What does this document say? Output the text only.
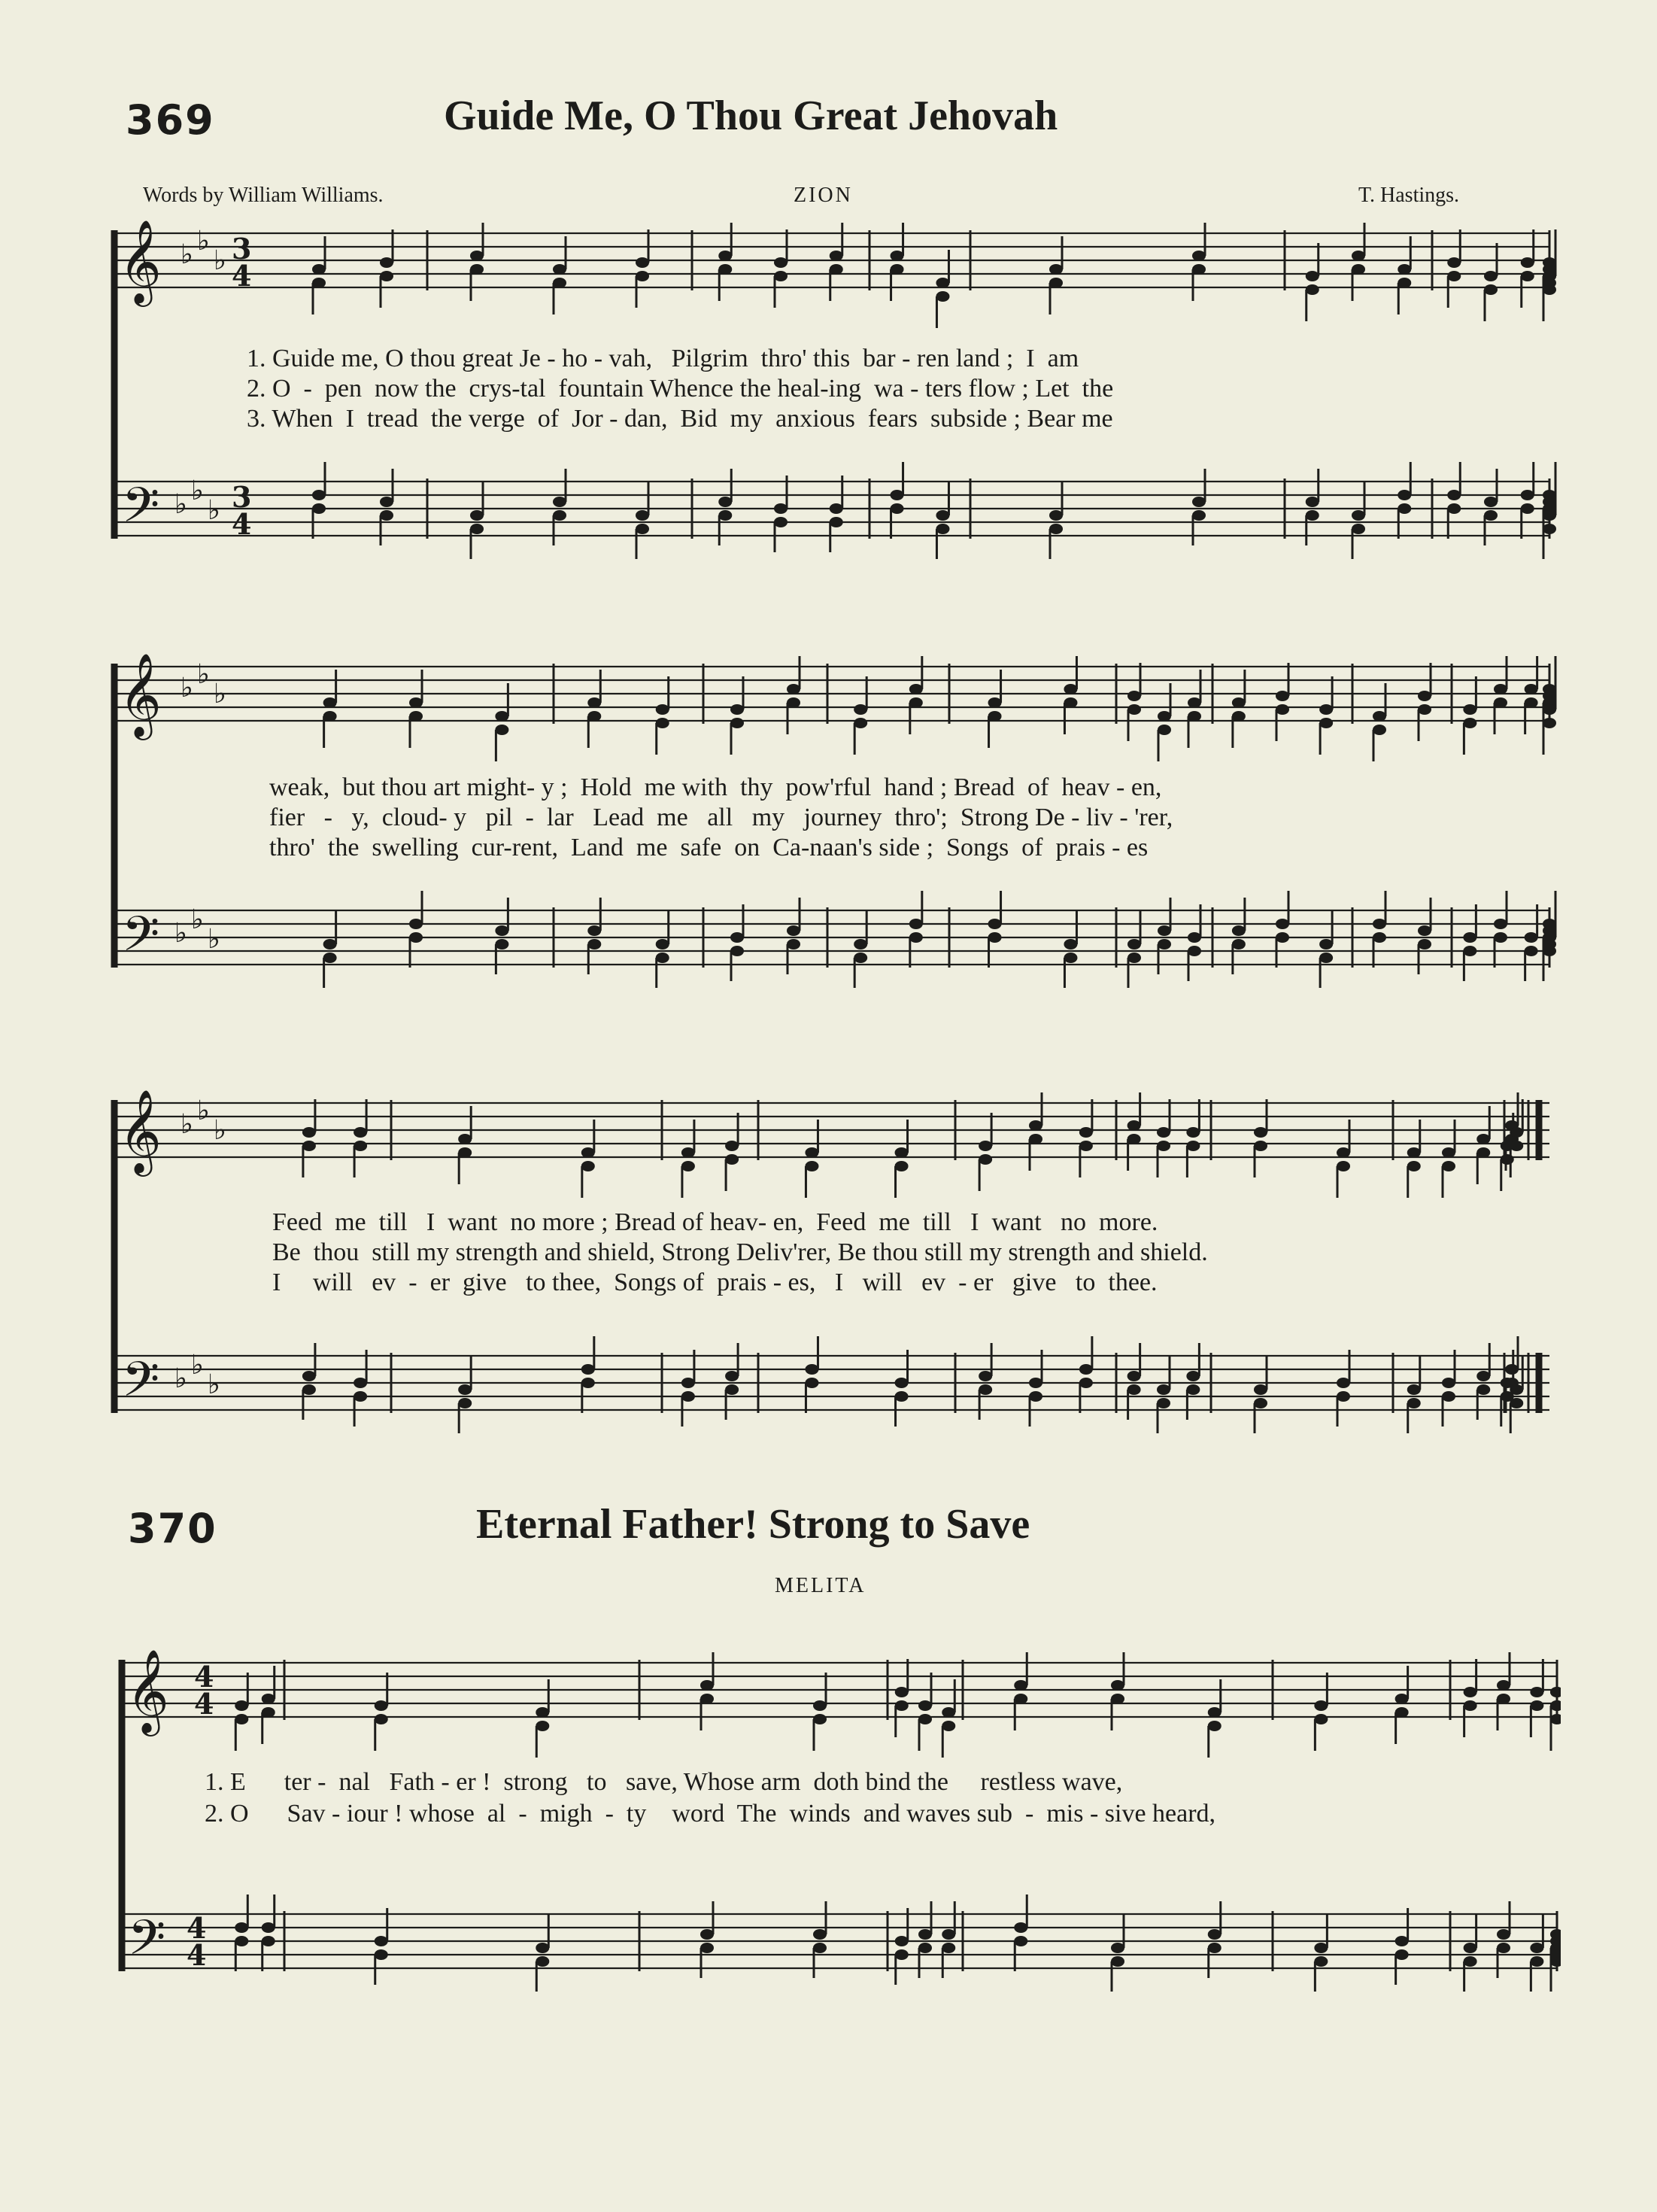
369	Guide Me, O Thou Great Jehovah
Words by William Williams.	ZION	T. Hastings.
𝄞
𝄢
♭ ♭
♭
♭ ♭
♭
3
4
3
4
1. Guide me, O thou great Je - ho - vah,   Pilgrim  thro' this  bar - ren land ;  I  am
2. O  -  pen  now the  crys-tal  fountain Whence the heal-ing  wa - ters flow ; Let  the
3. When  I  tread  the verge  of  Jor - dan,  Bid  my  anxious  fears  subside ; Bear me
𝄞
𝄢
♭ ♭
♭
♭ ♭
♭
weak,  but thou art might- y ;  Hold  me with  thy  pow'rful  hand ; Bread  of  heav - en,
fier   -   y,  cloud- y   pil  -  lar   Lead  me   all   my   journey  thro';  Strong De - liv - 'rer,
thro'  the  swelling  cur-rent,  Land  me  safe  on  Ca-naan's side ;  Songs  of  prais - es
𝄞
𝄢
♭ ♭
♭
♭ ♭
♭
Feed  me  till   I  want  no more ; Bread of heav- en,  Feed  me  till   I  want   no  more.
Be  thou  still my strength and shield, Strong Deliv'rer, Be thou still my strength and shield.
I     will   ev  -  er  give   to thee,  Songs of  prais - es,   I   will   ev  - er   give   to  thee.
370	Eternal Father! Strong to Save
MELITA
𝄞
𝄢
4
4
4
4
1. E      ter -  nal   Fath - er !  strong   to   save, Whose arm  doth bind the     restless wave,
2. O      Sav - iour ! whose  al  -  migh  -  ty    word  The  winds  and waves sub  -  mis - sive heard,
